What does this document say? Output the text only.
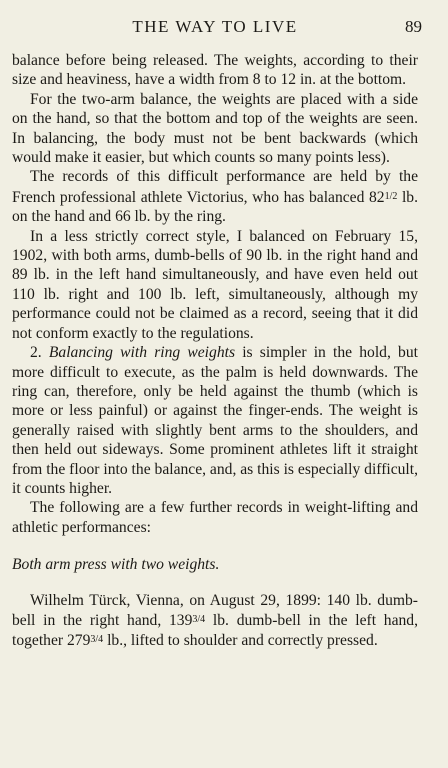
THE WAY TO LIVE	89

balance before being released. The weights, according to their size and heaviness, have a width from 8 to 12 in. at the bottom.

For the two-arm balance, the weights are placed with a side on the hand, so that the bottom and top of the weights are seen. In balancing, the body must not be bent backwards (which would make it easier, but which counts so many points less).

The records of this difficult performance are held by the French professional athlete Victorius, who has balanced 821/2 lb. on the hand and 66 lb. by the ring.

In a less strictly correct style, I balanced on February 15, 1902, with both arms, dumb-bells of 90 lb. in the right hand and 89 lb. in the left hand simultaneously, and have even held out 110 lb. right and 100 lb. left, simultaneously, although my performance could not be claimed as a record, seeing that it did not conform exactly to the regulations.

2. Balancing with ring weights is simpler in the hold, but more difficult to execute, as the palm is held downwards. The ring can, therefore, only be held against the thumb (which is more or less painful) or against the finger-ends. The weight is generally raised with slightly bent arms to the shoulders, and then held out sideways. Some prominent athletes lift it straight from the floor into the balance, and, as this is especially difficult, it counts higher.

The following are a few further records in weight-lifting and athletic performances:

Both arm press with two weights.

Wilhelm Türck, Vienna, on August 29, 1899: 140 lb. dumb-bell in the right hand, 1393/4 lb. dumb-bell in the left hand, together 2793/4 lb., lifted to shoulder and correctly pressed.
